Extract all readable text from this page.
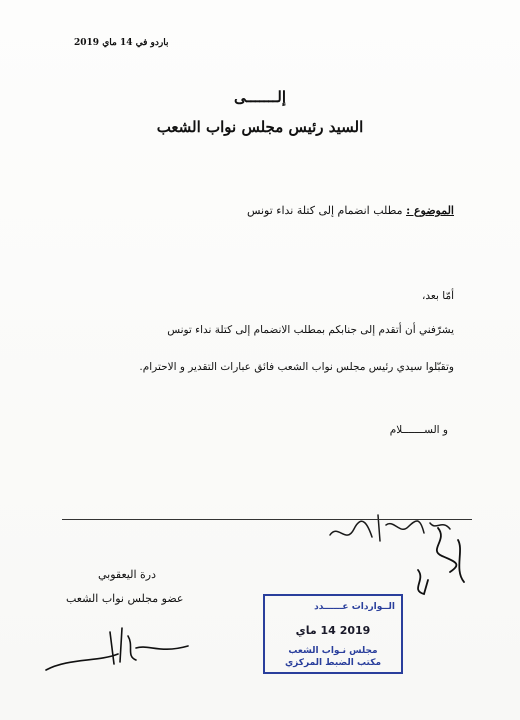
باردو في 14 ماي 2019
إلـــــــى
السيد رئيس مجلس نواب الشعب
الموضوع : مطلب انضمام إلى كتلة نداء تونس
أمّا بعد،
يشرّفني أن أتقدم إلى جنابكم بمطلب الانضمام إلى كتلة نداء تونس
وتقبّلوا سيدي رئيس مجلس نواب الشعب فائق عبارات التقدير و الاحترام.
و الســـــــلام
درة اليعقوبي
عضو مجلس نواب الشعب
الــواردات عــــــدد
2019 14 ماي
مجلس نـواب الشعب
مكتب الضبط المركزي
